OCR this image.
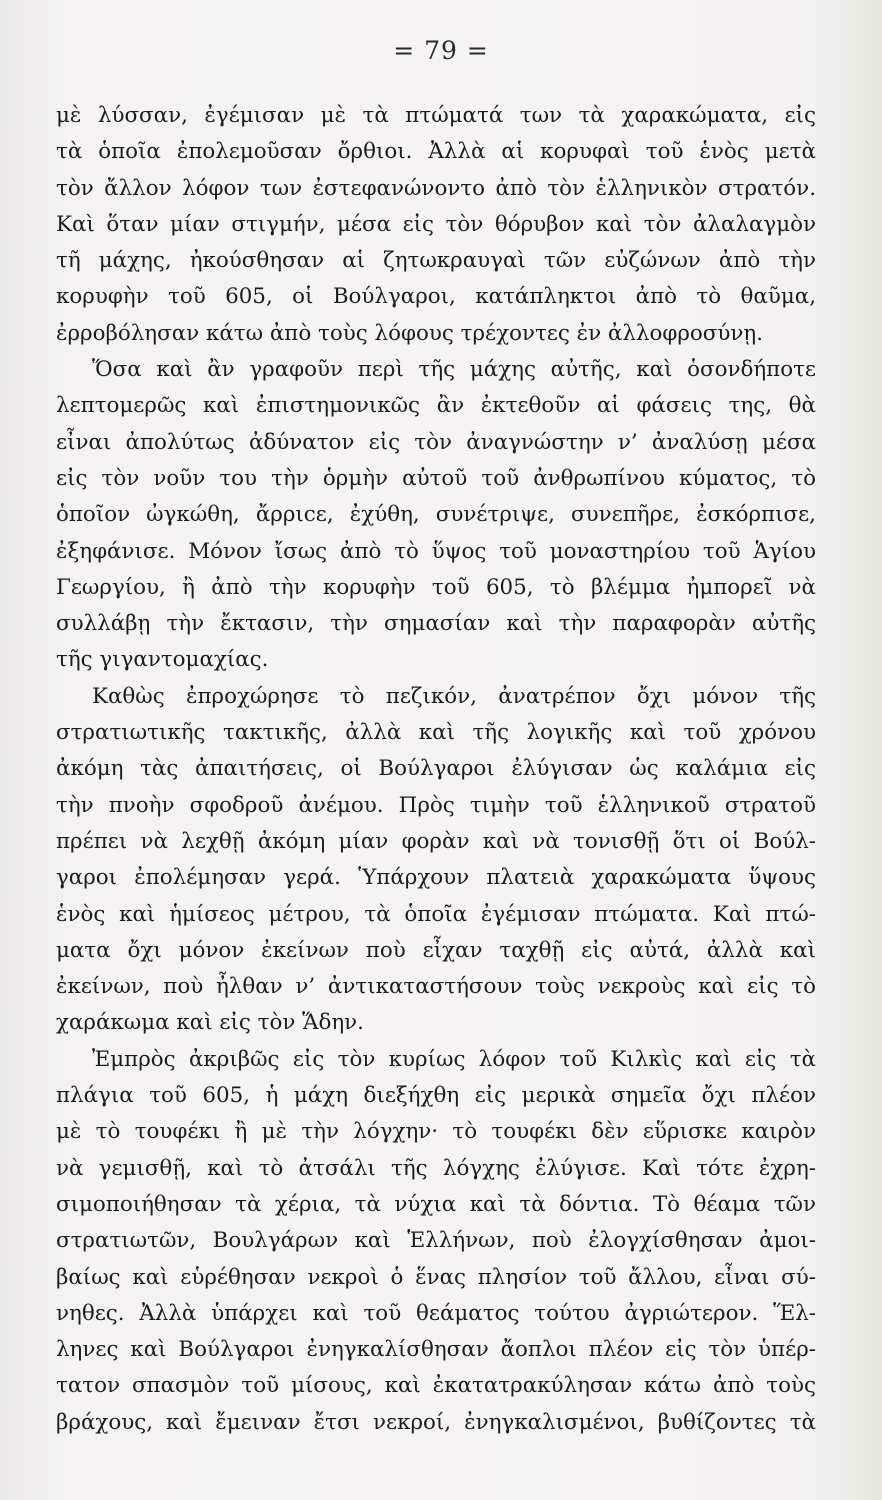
= 79 =
μὲ λύσσαν, ἐγέμισαν μὲ τὰ πτώματά των τὰ χαρακώματα, εἰς
τὰ ὁποῖα ἐπολεμοῦσαν ὄρθιοι. Ἀλλὰ αἱ κορυφαὶ τοῦ ἑνὸς μετὰ
τὸν ἄλλον λόφον των ἐστεφανώνοντο ἀπὸ τὸν ἑλληνικὸν στρατόν.
Καὶ ὅταν μίαν στιγμήν, μέσα εἰς τὸν θόρυβον καὶ τὸν ἀλαλαγμὸν
τῆ μάχης, ἠκούσθησαν αἱ ζητωκραυγαὶ τῶν εὐζώνων ἀπὸ τὴν
κορυφὴν τοῦ 605, οἱ Βούλγαροι, κατάπληκτοι ἀπὸ τὸ θαῦμα,
ἐρροβόλησαν κάτω ἀπὸ τοὺς λόφους τρέχοντες ἐν ἀλλοφροσύνῃ.
Ὅσα καὶ ἂν γραφοῦν περὶ τῆς μάχης αὐτῆς, καὶ ὁσονδήποτε
λεπτομερῶς καὶ ἐπιστημονικῶς ἂν ἐκτεθοῦν αἱ φάσεις της, θὰ
εἶναι ἀπολύτως ἀδύνατον εἰς τὸν ἀναγνώστην ν’ ἀναλύσῃ μέσα
εἰς τὸν νοῦν του τὴν ὁρμὴν αὐτοῦ τοῦ ἀνθρωπίνου κύματος, τὸ
ὁποῖον ὠγκώθη, ἄρριϲε, ἐχύθη, συνέτριψε, συνεπῆρε, ἐσκόρπισε,
ἐξηφάνισε. Μόνον ἴσως ἀπὸ τὸ ὕψος τοῦ μοναστηρίου τοῦ Ἁγίου
Γεωργίου, ἢ ἀπὸ τὴν κορυφὴν τοῦ 605, τὸ βλέμμα ἠμπορεῖ νὰ
συλλάβῃ τὴν ἔκτασιν, τὴν σημασίαν καὶ τὴν παραφορὰν αὐτῆς
τῆς γιγαντομαχίας.
Καθὼς ἐπροχώρησε τὸ πεζικόν, ἀνατρέπον ὄχι μόνον τῆς
στρατιωτικῆς τακτικῆς, ἀλλὰ καὶ τῆς λογικῆς καὶ τοῦ χρόνου
ἀκόμη τὰς ἀπαιτήσεις, οἱ Βούλγαροι ἐλύγισαν ὡς καλάμια εἰς
τὴν πνοὴν σφοδροῦ ἀνέμου. Πρὸς τιμὴν τοῦ ἑλληνικοῦ στρατοῦ
πρέπει νὰ λεχθῇ ἀκόμη μίαν φορὰν καὶ νὰ τονισθῇ ὅτι οἱ Βούλ-
γαροι ἐπολέμησαν γερά. Ὑπάρχουν πλατειὰ χαρακώματα ὕψους
ἑνὸς καὶ ἡμίσεος μέτρου, τὰ ὁποῖα ἐγέμισαν πτώματα. Καὶ πτώ-
ματα ὄχι μόνον ἐκείνων ποὺ εἶχαν ταχθῇ εἰς αὐτά, ἀλλὰ καὶ
ἐκείνων, ποὺ ἦλθαν ν’ ἀντικαταστήσουν τοὺς νεκροὺς καὶ εἰς τὸ
χαράκωμα καὶ εἰς τὸν Ἅδην.
Ἐμπρὸς ἀκριβῶς εἰς τὸν κυρίως λόφον τοῦ Κιλκὶς καὶ εἰς τὰ
πλάγια τοῦ 605, ἡ μάχη διεξήχθη εἰς μερικὰ σημεῖα ὄχι πλέον
μὲ τὸ τουφέκι ἢ μὲ τὴν λόγχην· τὸ τουφέκι δὲν εὕρισκε καιρὸν
νὰ γεμισθῇ, καὶ τὸ ἀτσάλι τῆς λόγχης ἐλύγισε. Καὶ τότε ἐχρη-
σιμοποιήθησαν τὰ χέρια, τὰ νύχια καὶ τὰ δόντια. Τὸ θέαμα τῶν
στρατιωτῶν, Βουλγάρων καὶ Ἑλλήνων, ποὺ ἐλογχίσθησαν ἀμοι-
βαίως καὶ εὑρέθησαν νεκροὶ ὁ ἕνας πλησίον τοῦ ἄλλου, εἶναι σύ-
νηθες. Ἀλλὰ ὑπάρχει καὶ τοῦ θεάματος τούτου ἀγριώτερον. Ἕλ-
ληνες καὶ Βούλγαροι ἐνηγκαλίσθησαν ἄοπλοι πλέον εἰς τὸν ὑπέρ-
τατον σπασμὸν τοῦ μίσους, καὶ ἐκατατρακύλησαν κάτω ἀπὸ τοὺς
βράχους, καὶ ἔμειναν ἔτσι νεκροί, ἐνηγκαλισμένοι, βυθίζοντες τὰ
